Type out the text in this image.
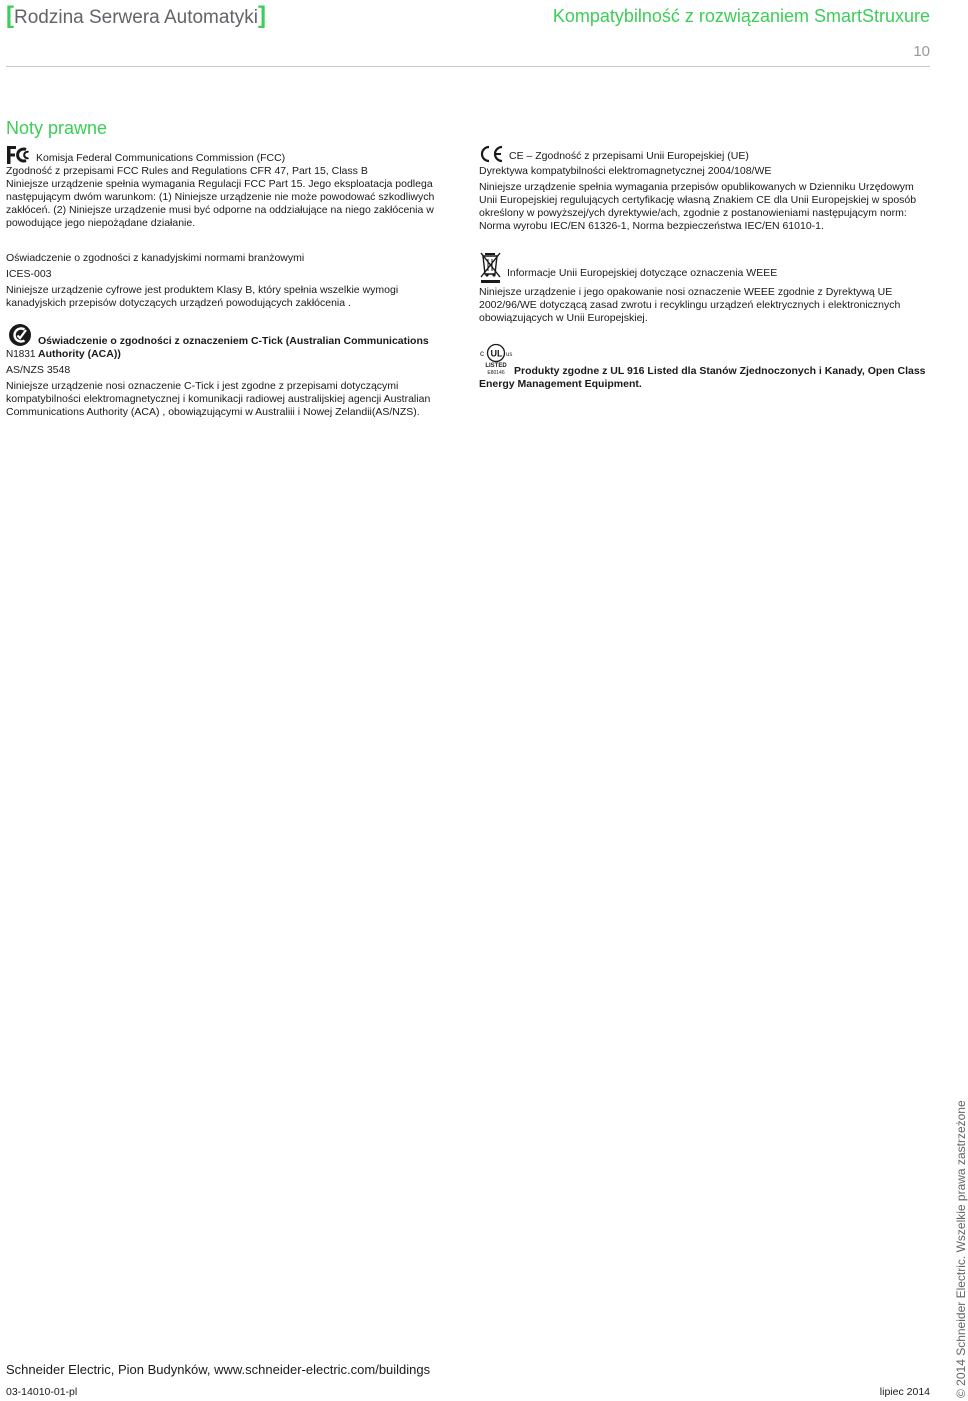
[Rodzina Serwera Automatyki]	Kompatybilność z rozwiązaniem SmartStruxure
10
Noty prawne
Komisja Federal Communications Commission (FCC)

Zgodność z przepisami FCC Rules and Regulations CFR 47, Part 15, Class B

Niniejsze urządzenie spełnia wymagania Regulacji FCC Part 15. Jego eksploatacja podlega następującym dwóm warunkom: (1) Niniejsze urządzenie nie może powodować szkodliwych zakłóceń. (2) Niniejsze urządzenie musi być odporne na oddziałujące na niego zakłócenia w powodujące jego niepożądane działanie.

Oświadczenie o zgodności z kanadyjskimi normami branżowymi

ICES-003

Niniejsze urządzenie cyfrowe jest produktem Klasy B, który spełnia wszelkie wymogi kanadyjskich przepisów dotyczących urządzeń powodujących zakłócenia .

N1831
Oświadczenie o zgodności z oznaczeniem C-Tick (Australian Communications Authority (ACA))

AS/NZS 3548

Niniejsze urządzenie nosi oznaczenie C-Tick i jest zgodne z przepisami dotyczącymi kompatybilności elektromagnetycznej i komunikacji radiowej australijskiej agencji Australian Communications Authority (ACA) , obowiązującymi w Australiii i Nowej Zelandii(AS/NZS).

CE – Zgodność z przepisami Unii Europejskiej (UE)

Dyrektywa kompatybilności elektromagnetycznej 2004/108/WE

Niniejsze urządzenie spełnia wymagania przepisów opublikowanych w Dzienniku Urzędowym Unii Europejskiej regulujących certyfikację własną Znakiem CE dla Unii Europejskiej w sposób określony w powyższej/ych dyrektywie/ach, zgodnie z postanowieniami następującym norm: Norma wyrobu IEC/EN 61326-1, Norma bezpieczeństwa IEC/EN 61010-1.

Informacje Unii Europejskiej dotyczące oznaczenia WEEE

Niniejsze urządzenie i jego opakowanie nosi oznaczenie WEEE zgodnie z Dyrektywą UE 2002/96/WE dotyczącą zasad zwrotu i recyklingu urządzeń elektrycznych i elektronicznych obowiązujących w Unii Europejskiej.

c UL us
LISTED
E80146 Produkty zgodne z UL 916 Listed dla Stanów Zjednoczonych i Kanady, Open Class Energy Management Equipment.
Schneider Electric, Pion Budynków, www.schneider-electric.com/buildings
03-14010-01-pl	lipiec 2014 © 2014 Schneider Electric. Wszelkie prawa zastrzeżone
